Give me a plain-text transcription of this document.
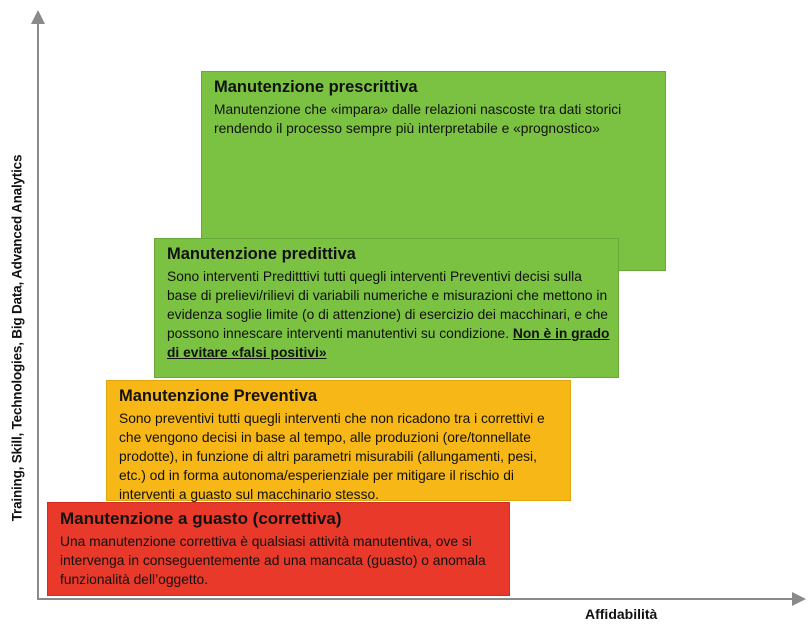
Training, Skill, Technologies, Big Data, Advanced Analytics
Affidabilità
Manutenzione prescrittiva
Manutenzione che «impara» dalle relazioni nascoste tra dati storici rendendo il processo sempre più interpretabile e «prognostico»
Manutenzione predittiva
Sono interventi Preditttivi tutti quegli interventi Preventivi decisi sulla base di prelievi/rilievi di variabili numeriche e misurazioni che mettono in evidenza soglie limite (o di attenzione) di esercizio dei macchinari, e che possono innescare interventi manutentivi su condizione. Non è in grado di evitare «falsi positivi»
Manutenzione Preventiva
Sono preventivi tutti quegli interventi che non ricadono tra i correttivi e che vengono decisi in base al tempo, alle produzioni (ore/tonnellate prodotte), in funzione di altri parametri misurabili (allungamenti, pesi, etc.) od in forma autonoma/esperienziale per mitigare il rischio di interventi a guasto sul macchinario stesso.
Manutenzione a guasto (correttiva)
Una manutenzione correttiva è qualsiasi attività manutentiva, ove si intervenga in conseguentemente ad una mancata (guasto) o anomala funzionalità dell’oggetto.
